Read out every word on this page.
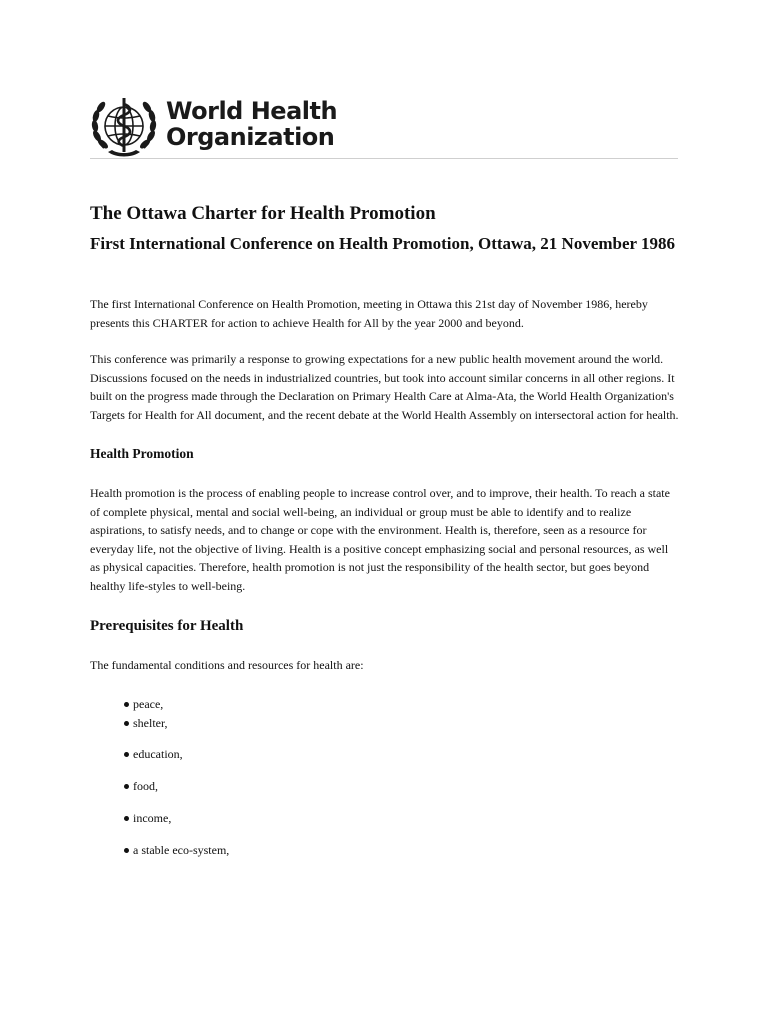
World Health
Organization
The Ottawa Charter for Health Promotion
First International Conference on Health Promotion, Ottawa, 21 November 1986

The first International Conference on Health Promotion, meeting in Ottawa this 21st day of November 1986, hereby presents this CHARTER for action to achieve Health for All by the year 2000 and beyond.

This conference was primarily a response to growing expectations for a new public health movement around the world. Discussions focused on the needs in industrialized countries, but took into account similar concerns in all other regions. It built on the progress made through the Declaration on Primary Health Care at Alma-Ata, the World Health Organization's Targets for Health for All document, and the recent debate at the World Health Assembly on intersectoral action for health.

Health Promotion

Health promotion is the process of enabling people to increase control over, and to improve, their health. To reach a state of complete physical, mental and social well-being, an individual or group must be able to identify and to realize aspirations, to satisfy needs, and to change or cope with the environment. Health is, therefore, seen as a resource for everyday life, not the objective of living. Health is a positive concept emphasizing social and personal resources, as well as physical capacities. Therefore, health promotion is not just the responsibility of the health sector, but goes beyond healthy life-styles to well-being.

Prerequisites for Health

The fundamental conditions and resources for health are:

peace,
shelter,
education,
food,
income,
a stable eco-system,
